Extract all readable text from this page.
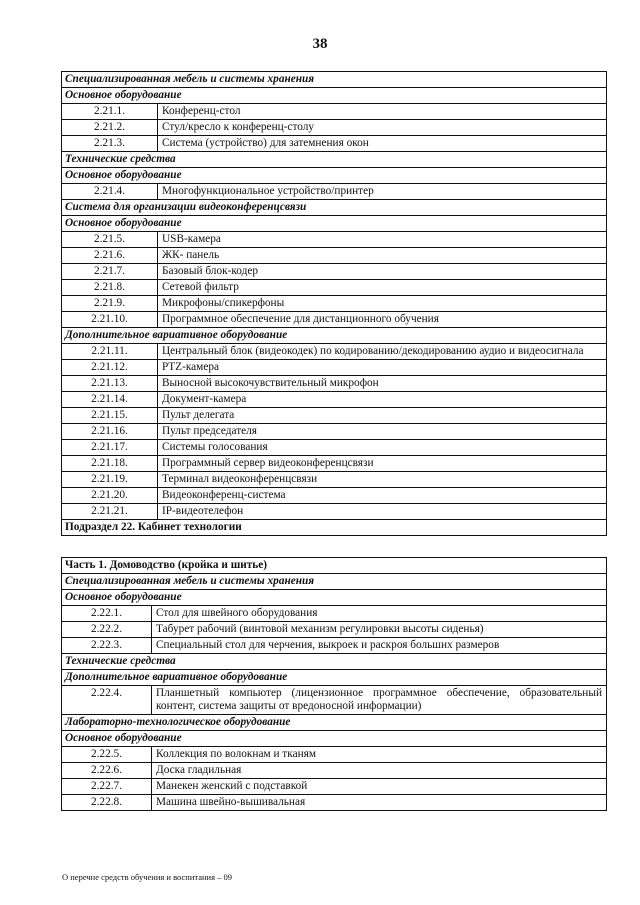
38
Специализированная мебель и системы хранения	
Основное оборудование	
2.21.1.	Конференц-стол
2.21.2.	Стул/кресло к конференц-столу
2.21.3.	Система (устройство) для затемнения окон
Технические средства	
Основное оборудование	
2.21.4.	Многофункциональное устройство/принтер
Система для организации видеоконференцсвязи	
Основное оборудование	
2.21.5.	USB-камера
2.21.6.	ЖК- панель
2.21.7.	Базовый блок-кодер
2.21.8.	Сетевой фильтр
2.21.9.	Микрофоны/спикерфоны
2.21.10.	Программное обеспечение для дистанционного обучения
Дополнительное вариативное оборудование	
2.21.11.	Центральный блок (видеокодек) по кодированию/декодированию аудио и видеосигнала
2.21.12.	PTZ-камера
2.21.13.	Выносной высокочувствительный микрофон
2.21.14.	Документ-камера
2.21.15.	Пульт делегата
2.21.16.	Пульт председателя
2.21.17.	Системы голосования
2.21.18.	Программный сервер видеоконференцсвязи
2.21.19.	Терминал видеоконференцсвязи
2.21.20.	Видеоконференц-система
2.21.21.	IP-видеотелефон
Подраздел 22. Кабинет технологии	
Часть 1. Домоводство (кройка и шитье)	
Специализированная мебель и системы хранения	
Основное оборудование	
2.22.1.	Стол для швейного оборудования
2.22.2.	Табурет рабочий (винтовой механизм регулировки высоты сиденья)
2.22.3.	Специальный стол для черчения, выкроек и раскроя больших размеров
Технические средства	
Дополнительное вариативное оборудование	
2.22.4.	Планшетный компьютер (лицензионное программное обеспечение, образовательный контент, система защиты от вредоносной информации)
Лабораторно-технологическое оборудование	
Основное оборудование	
2.22.5.	Коллекция по волокнам и тканям
2.22.6.	Доска гладильная
2.22.7.	Манекен женский с подставкой
2.22.8.	Машина швейно-вышивальная
О перечне средств обучения и воспитания – 09
